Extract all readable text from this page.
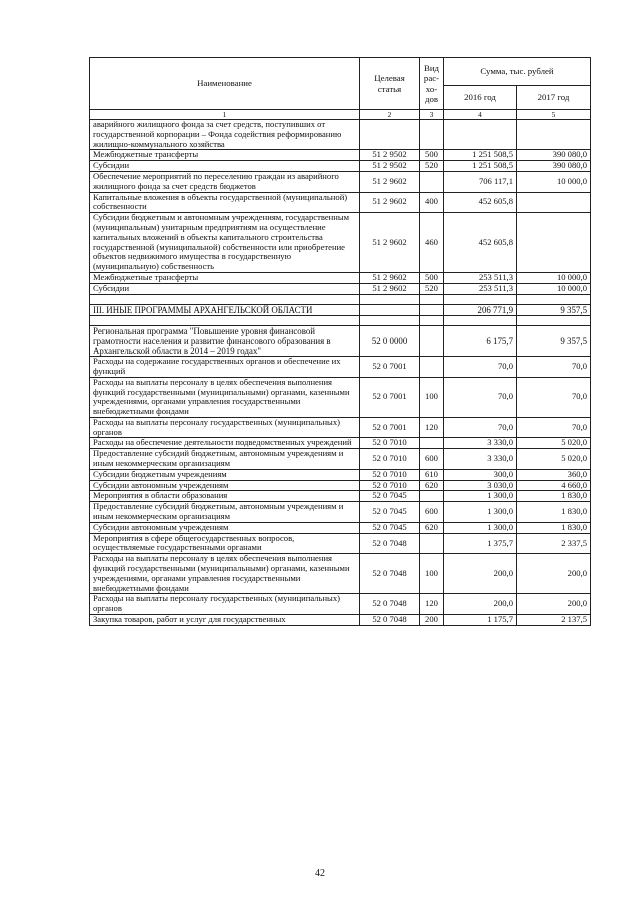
Наименование	Целевая статья	Вид рас-хо-дов	Сумма, тыс. рублей	
			2016 год	2017 год
1	2	3	4	5
аварийного жилищного фонда за счет средств, поступивших от государственной корпорации – Фонда содействия реформированию жилищно-коммунального хозяйства				
Межбюджетные трансферты	51 2 9502	500	1 251 508,5	390 080,0
Субсидии	51 2 9502	520	1 251 508,5	390 080,0
Обеспечение мероприятий по переселению граждан из аварийного жилищного фонда за счет средств бюджетов	51 2 9602		706 117,1	10 000,0
Капитальные вложения в объекты государственной (муниципальной) собственности	51 2 9602	400	452 605,8	
Субсидии бюджетным и автономным учреждениям, государственным (муниципальным) унитарным предприятиям на осуществление капитальных вложений в объекты капитального строительства государственной (муниципальной) собственности или приобретение объектов недвижимого имущества в государственную (муниципальную) собственность	51 2 9602	460	452 605,8	
Межбюджетные трансферты	51 2 9602	500	253 511,3	10 000,0
Субсидии	51 2 9602	520	253 511,3	10 000,0

III. ИНЫЕ ПРОГРАММЫ АРХАНГЕЛЬСКОЙ ОБЛАСТИ			206 771,9	9 357,5

Региональная программа "Повышение уровня финансовой грамотности населения и развитие финансового образования в Архангельской области в 2014 – 2019 годах"	52 0 0000		6 175,7	9 357,5
Расходы на содержание государственных органов и обеспечение их функций	52 0 7001		70,0	70,0
Расходы на выплаты персоналу в целях обеспечения выполнения функций государственными (муниципальными) органами, казенными учреждениями, органами управления государственными внебюджетными фондами	52 0 7001	100	70,0	70,0
Расходы на выплаты персоналу государственных (муниципальных) органов	52 0 7001	120	70,0	70,0
Расходы на обеспечение деятельности подведомственных учреждений	52 0 7010		3 330,0	5 020,0
Предоставление субсидий бюджетным, автономным учреждениям и иным некоммерческим организациям	52 0 7010	600	3 330,0	5 020,0
Субсидии бюджетным учреждениям	52 0 7010	610	300,0	360,0
Субсидии автономным учреждениям	52 0 7010	620	3 030,0	4 660,0
Мероприятия в области образования	52 0 7045		1 300,0	1 830,0
Предоставление субсидий бюджетным, автономным учреждениям и иным некоммерческим организациям	52 0 7045	600	1 300,0	1 830,0
Субсидии автономным учреждениям	52 0 7045	620	1 300,0	1 830,0
Мероприятия в сфере общегосударственных вопросов, осуществляемые государственными органами	52 0 7048		1 375,7	2 337,5
Расходы на выплаты персоналу в целях обеспечения выполнения функций государственными (муниципальными) органами, казенными учреждениями, органами управления государственными внебюджетными фондами	52 0 7048	100	200,0	200,0
Расходы на выплаты персоналу государственных (муниципальных) органов	52 0 7048	120	200,0	200,0
Закупка товаров, работ и услуг для государственных	52 0 7048	200	1 175,7	2 137,5
42
